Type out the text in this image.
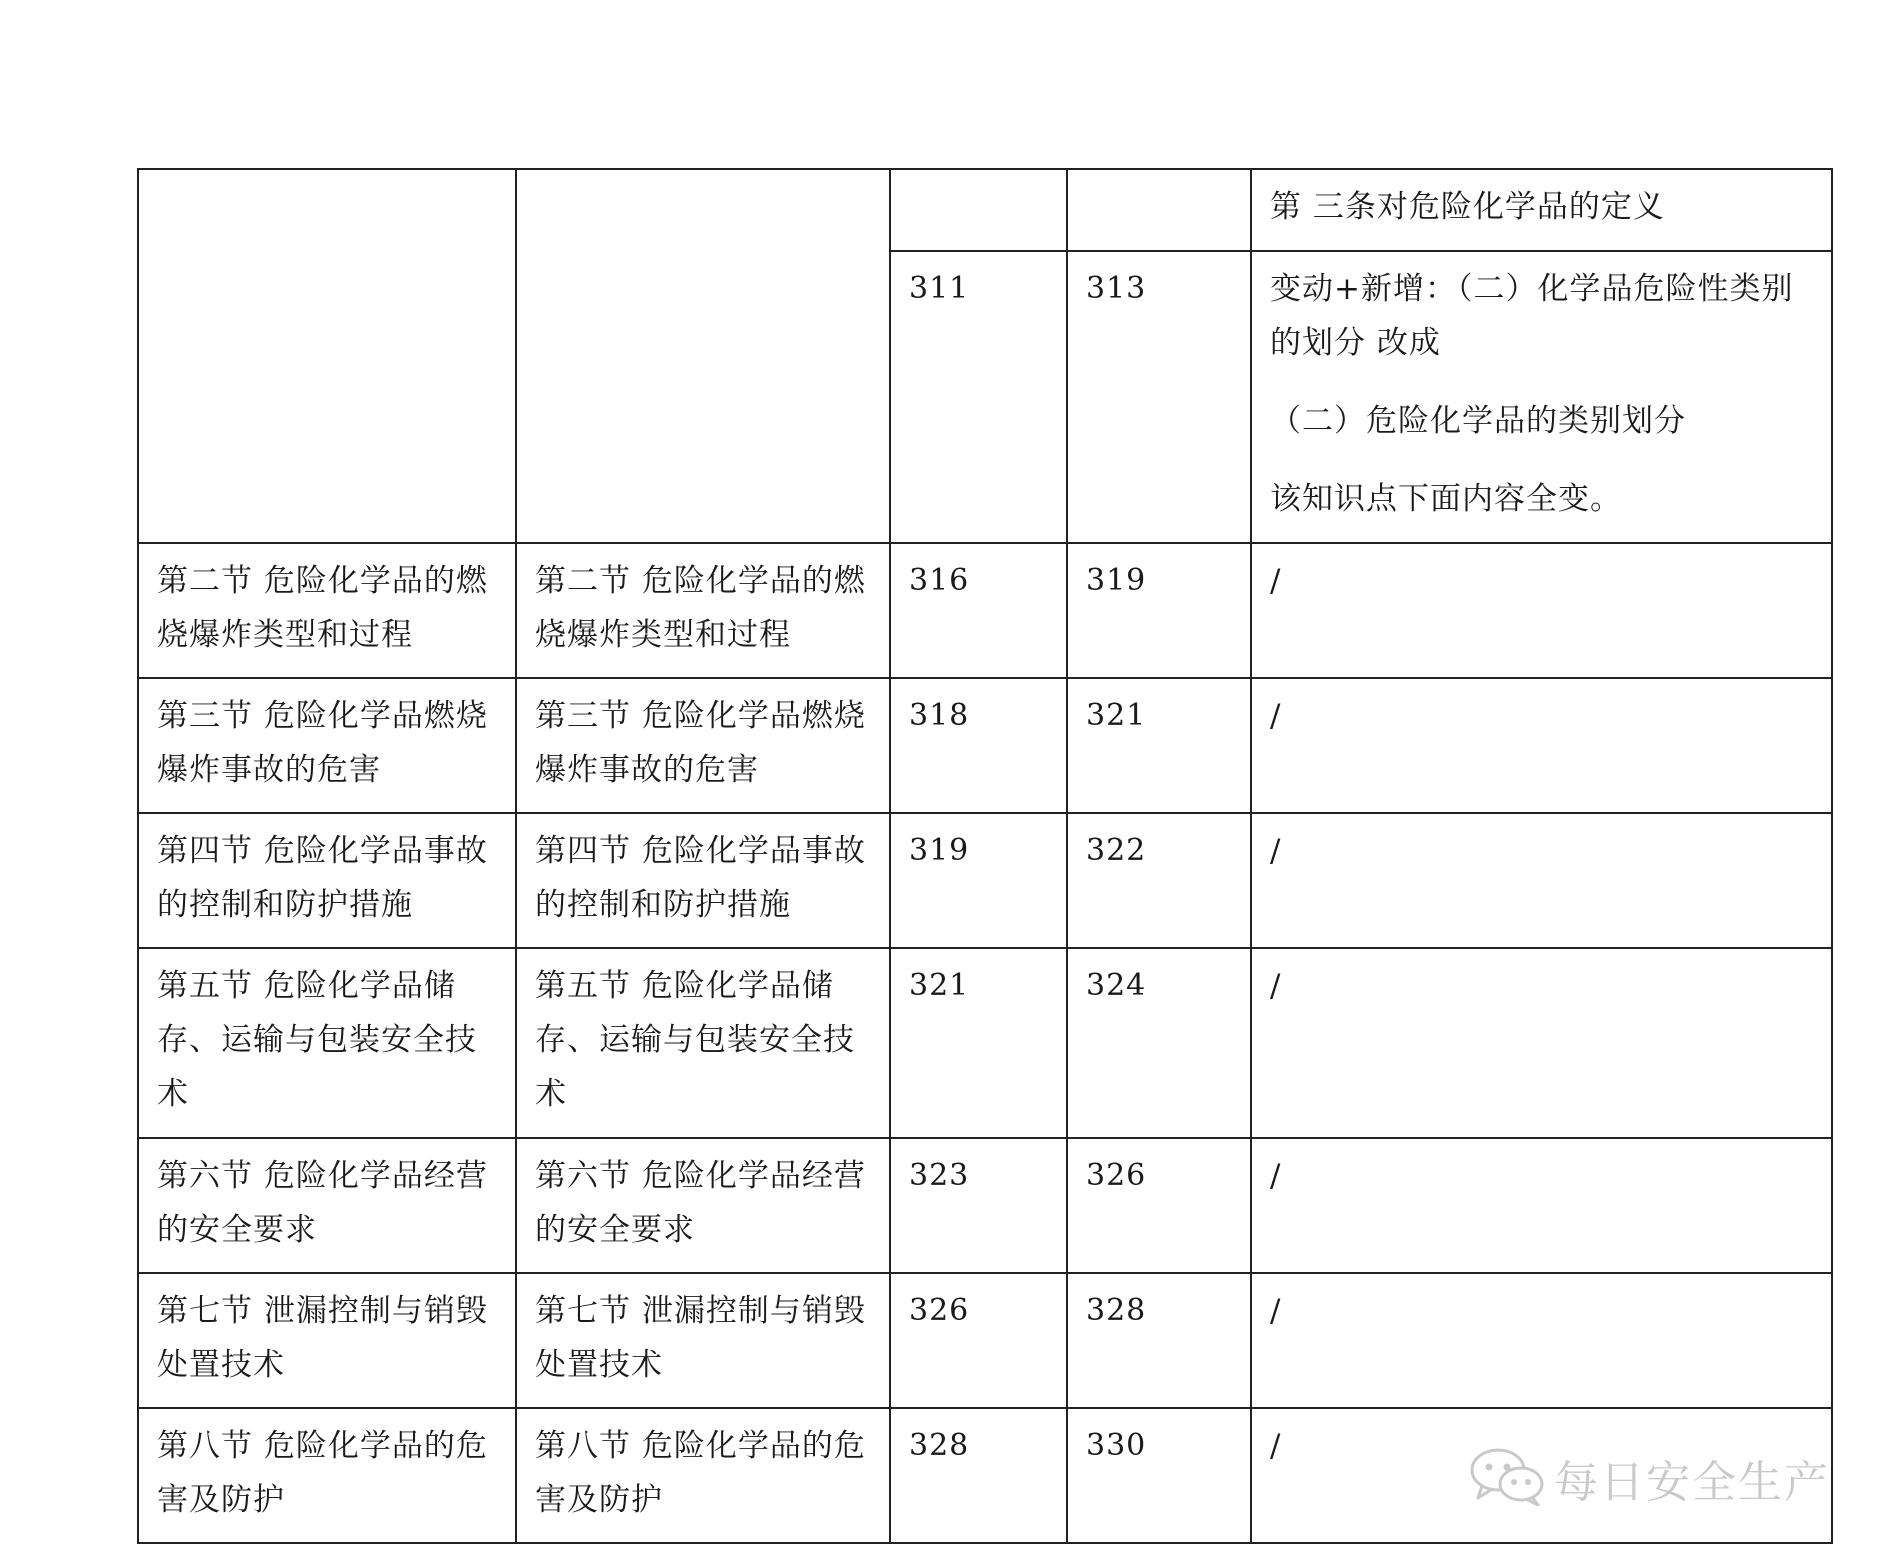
				第 三条对危险化学品的定义

		311	313	变动+新增：（二）化学品危险性类别的划分 改成
（二）危险化学品的类别划分
该知识点下面内容全变。

第二节 危险化学品的燃烧爆炸类型和过程	第二节 危险化学品的燃烧爆炸类型和过程	316	319	/
第三节 危险化学品燃烧爆炸事故的危害	第三节 危险化学品燃烧爆炸事故的危害	318	321	/
第四节 危险化学品事故的控制和防护措施	第四节 危险化学品事故的控制和防护措施	319	322	/
第五节 危险化学品储存、运输与包装安全技术	第五节 危险化学品储存、运输与包装安全技术	321	324	/
第六节 危险化学品经营的安全要求	第六节 危险化学品经营的安全要求	323	326	/
第七节 泄漏控制与销毁处置技术	第七节 泄漏控制与销毁处置技术	326	328	/
第八节 危险化学品的危害及防护	第八节 危险化学品的危害及防护	328	330	/
每日安全生产
